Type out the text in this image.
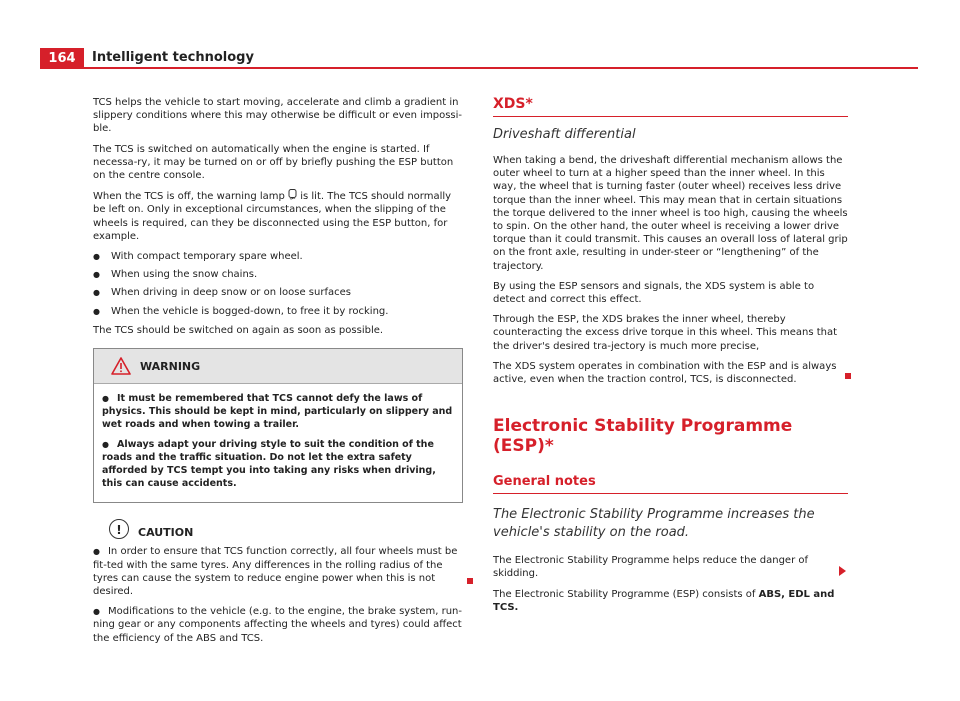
164	Intelligent technology

TCS helps the vehicle to start moving, accelerate and climb a gradient in slippery conditions where this may otherwise be difficult or even impossi-ble.

The TCS is switched on automatically when the engine is started. If necessa-ry, it may be turned on or off by briefly pushing the ESP button on the centre console.

When the TCS is off, the warning lamp  is lit. The TCS should normally be left on. Only in exceptional circumstances, when the slipping of the wheels is required, can they be disconnected using the ESP button, for example.

● With compact temporary spare wheel.
● When using the snow chains.
● When driving in deep snow or on loose surfaces
● When the vehicle is bogged-down, to free it by rocking.

The TCS should be switched on again as soon as possible.

WARNING

● It must be remembered that TCS cannot defy the laws of physics. This should be kept in mind, particularly on slippery and wet roads and when towing a trailer.

● Always adapt your driving style to suit the condition of the roads and the traffic situation. Do not let the extra safety afforded by TCS tempt you into taking any risks when driving, this can cause accidents.

!	CAUTION

● In order to ensure that TCS function correctly, all four wheels must be fit-ted with the same tyres. Any differences in the rolling radius of the tyres can cause the system to reduce engine power when this is not desired.

● Modifications to the vehicle (e.g. to the engine, the brake system, run-ning gear or any components affecting the wheels and tyres) could affect the efficiency of the ABS and TCS.

XDS*
Driveshaft differential

When taking a bend, the driveshaft differential mechanism allows the outer wheel to turn at a higher speed than the inner wheel. In this way, the wheel that is turning faster (outer wheel) receives less drive torque than the inner wheel. This may mean that in certain situations the torque delivered to the inner wheel is too high, causing the wheels to spin. On the other hand, the outer wheel is receiving a lower drive torque than it could transmit. This causes an overall loss of lateral grip on the front axle, resulting in under-steer or “lengthening” of the trajectory.

By using the ESP sensors and signals, the XDS system is able to detect and correct this effect.

Through the ESP, the XDS brakes the inner wheel, thereby counteracting the excess drive torque in this wheel. This means that the driver's desired tra-jectory is much more precise,

The XDS system operates in combination with the ESP and is always active, even when the traction control, TCS, is disconnected.

Electronic Stability Programme (ESP)*
General notes
The Electronic Stability Programme increases the vehicle's stability on the road.

The Electronic Stability Programme helps reduce the danger of skidding.

The Electronic Stability Programme (ESP) consists of ABS, EDL and TCS.
